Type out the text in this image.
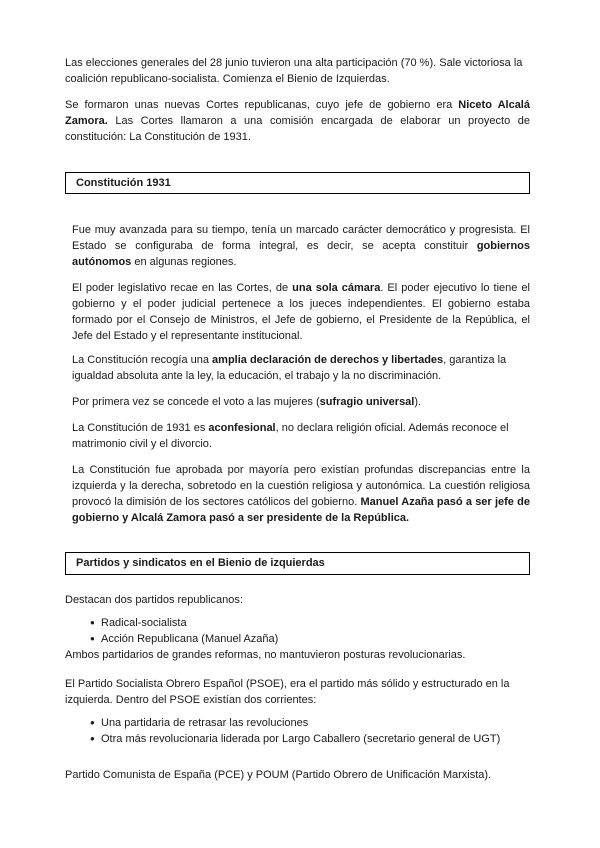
Las elecciones generales del 28 junio tuvieron una alta participación (70 %). Sale victoriosa la coalición republicano-socialista. Comienza el Bienio de Izquierdas.

Se formaron unas nuevas Cortes republicanas, cuyo jefe de gobierno era Niceto Alcalá Zamora. Las Cortes llamaron a una comisión encargada de elaborar un proyecto de constitución: La Constitución de 1931.

Constitución 1931

Fue muy avanzada para su tiempo, tenía un marcado carácter democrático y progresista. El Estado se configuraba de forma integral, es decir, se acepta constituir gobiernos autónomos en algunas regiones.

El poder legislativo recae en las Cortes, de una sola cámara. El poder ejecutivo lo tiene el gobierno y el poder judicial pertenece a los jueces independientes. El gobierno estaba formado por el Consejo de Ministros, el Jefe de gobierno, el Presidente de la República, el Jefe del Estado y el representante institucional.

La Constitución recogía una amplia declaración de derechos y libertades, garantiza la igualdad absoluta ante la ley, la educación, el trabajo y la no discriminación.

Por primera vez se concede el voto a las mujeres (sufragio universal).

La Constitución de 1931 es aconfesional, no declara religión oficial. Además reconoce el matrimonio civil y el divorcio.

La Constitución fue aprobada por mayoría pero existían profundas discrepancias entre la izquierda y la derecha, sobretodo en la cuestión religiosa y autonómica. La cuestión religiosa provocó la dimisión de los sectores católicos del gobierno. Manuel Azaña pasó a ser jefe de gobierno y Alcalá Zamora pasó a ser presidente de la República.

Partidos y sindicatos en el Bienio de izquierdas

Destacan dos partidos republicanos:

● Radical-socialista
● Acción Republicana (Manuel Azaña)

Ambos partidarios de grandes reformas, no mantuvieron posturas revolucionarias.

El Partido Socialista Obrero Español (PSOE), era el partido más sólido y estructurado en la izquierda. Dentro del PSOE existían dos corrientes:

● Una partidaria de retrasar las revoluciones
● Otra más revolucionaria liderada por Largo Caballero (secretario general de UGT)

Partido Comunista de España (PCE) y POUM (Partido Obrero de Unificación Marxista).
